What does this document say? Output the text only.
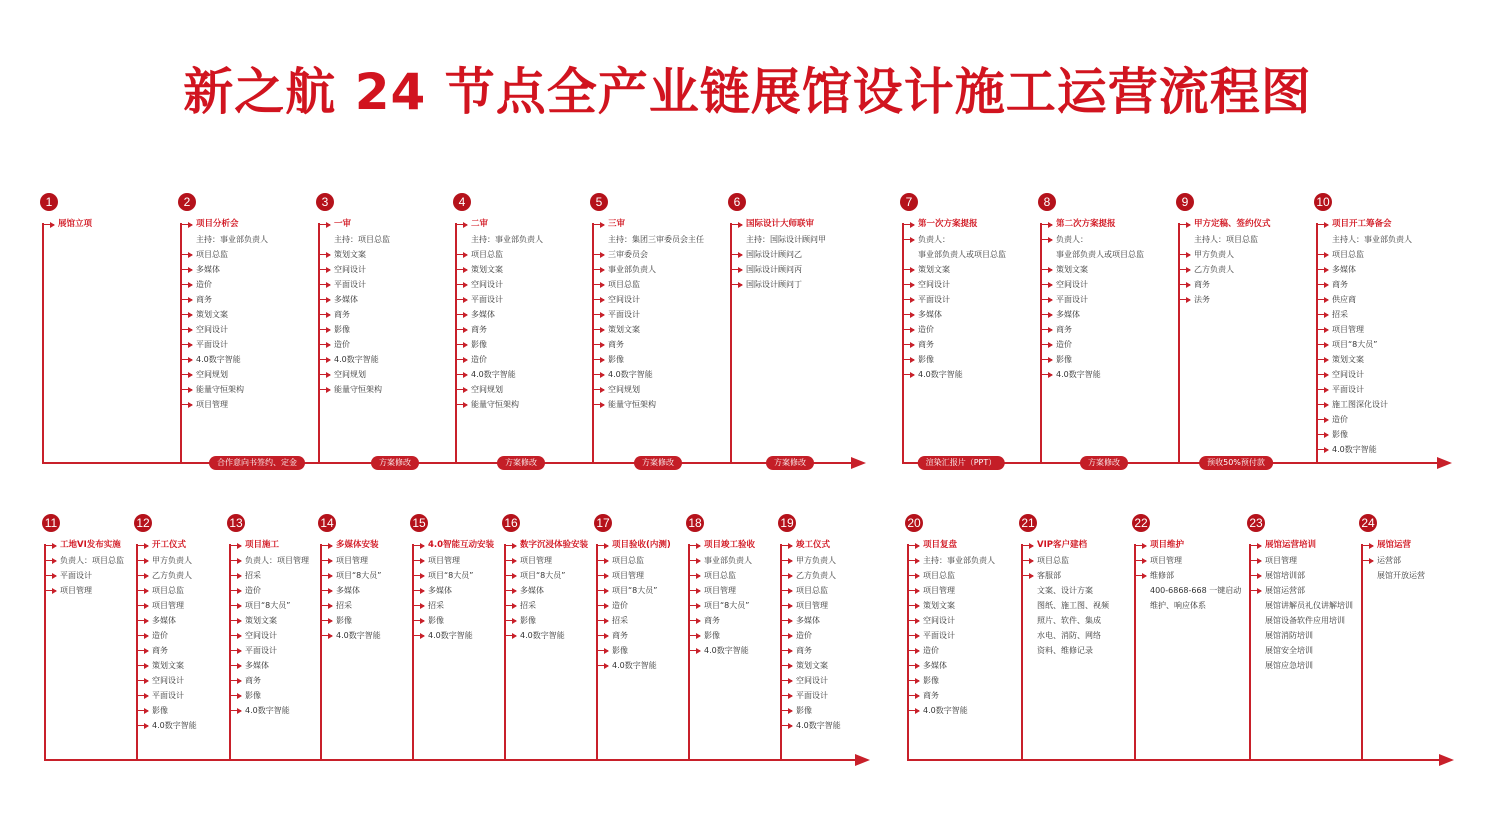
新之航 24 节点全产业链展馆设计施工运营流程图
1
展馆立项
2
项目分析会
主持：事业部负责人
项目总监
多媒体
造价
商务
策划文案
空间设计
平面设计
4.0数字智能
空间规划
能量守恒架构
项目管理
3
一审
主持：项目总监
策划文案
空间设计
平面设计
多媒体
商务
影像
造价
4.0数字智能
空间规划
能量守恒架构
4
二审
主持：事业部负责人
项目总监
策划文案
空间设计
平面设计
多媒体
商务
影像
造价
4.0数字智能
空间规划
能量守恒架构
5
三审
主持：集团三审委员会主任
三审委员会
事业部负责人
项目总监
空间设计
平面设计
策划文案
商务
影像
4.0数字智能
空间规划
能量守恒架构
6
国际设计大师联审
主持：国际设计顾问甲
国际设计顾问乙
国际设计顾问丙
国际设计顾问丁
合作意向书签约、定金	方案修改	方案修改	方案修改	方案修改
7
第一次方案提报
负责人：
事业部负责人或项目总监
策划文案
空间设计
平面设计
多媒体
造价
商务
影像
4.0数字智能
8
第二次方案提报
负责人：
事业部负责人或项目总监
策划文案
空间设计
平面设计
多媒体
商务
造价
影像
4.0数字智能
9
甲方定稿、签约仪式
主持人：项目总监
甲方负责人
乙方负责人
商务
法务
10
项目开工筹备会
主持人：事业部负责人
项目总监
多媒体
商务
供应商
招采
项目管理
项目“8大员”
策划文案
空间设计
平面设计
施工图深化设计
造价
影像
4.0数字智能
渲染汇报片（PPT）	方案修改	预收50%预付款
11
工地VI发布实施
负责人：项目总监
平面设计
项目管理
12
开工仪式
甲方负责人
乙方负责人
项目总监
项目管理
多媒体
造价
商务
策划文案
空间设计
平面设计
影像
4.0数字智能
13
项目施工
负责人：项目管理
招采
造价
项目“8大员”
策划文案
空间设计
平面设计
多媒体
商务
影像
4.0数字智能
14
多媒体安装
项目管理
项目“8大员”
多媒体
招采
影像
4.0数字智能
15
4.0智能互动安装
项目管理
项目“8大员”
多媒体
招采
影像
4.0数字智能
16
数字沉浸体验安装
项目管理
项目“8大员”
多媒体
招采
影像
4.0数字智能
17
项目验收(内测)
项目总监
项目管理
项目“8大员”
造价
招采
商务
影像
4.0数字智能
18
项目竣工验收
事业部负责人
项目总监
项目管理
项目“8大员”
商务
影像
4.0数字智能
19
竣工仪式
甲方负责人
乙方负责人
项目总监
项目管理
多媒体
造价
商务
策划文案
空间设计
平面设计
影像
4.0数字智能
20
项目复盘
主持：事业部负责人
项目总监
项目管理
策划文案
空间设计
平面设计
造价
多媒体
影像
商务
4.0数字智能
21
VIP客户建档
项目总监
客服部
文案、设计方案
图纸、施工图、视频
照片、软件、集成
水电、消防、网络
资料、维修记录
22
项目维护
项目管理
维修部
400-6868-668 一键启动
维护、响应体系
23
展馆运营培训
项目管理
展馆培训部
展馆运营部
展馆讲解员礼仪讲解培训
展馆设备软件应用培训
展馆消防培训
展馆安全培训
展馆应急培训
24
展馆运营
运营部
展馆开放运营
